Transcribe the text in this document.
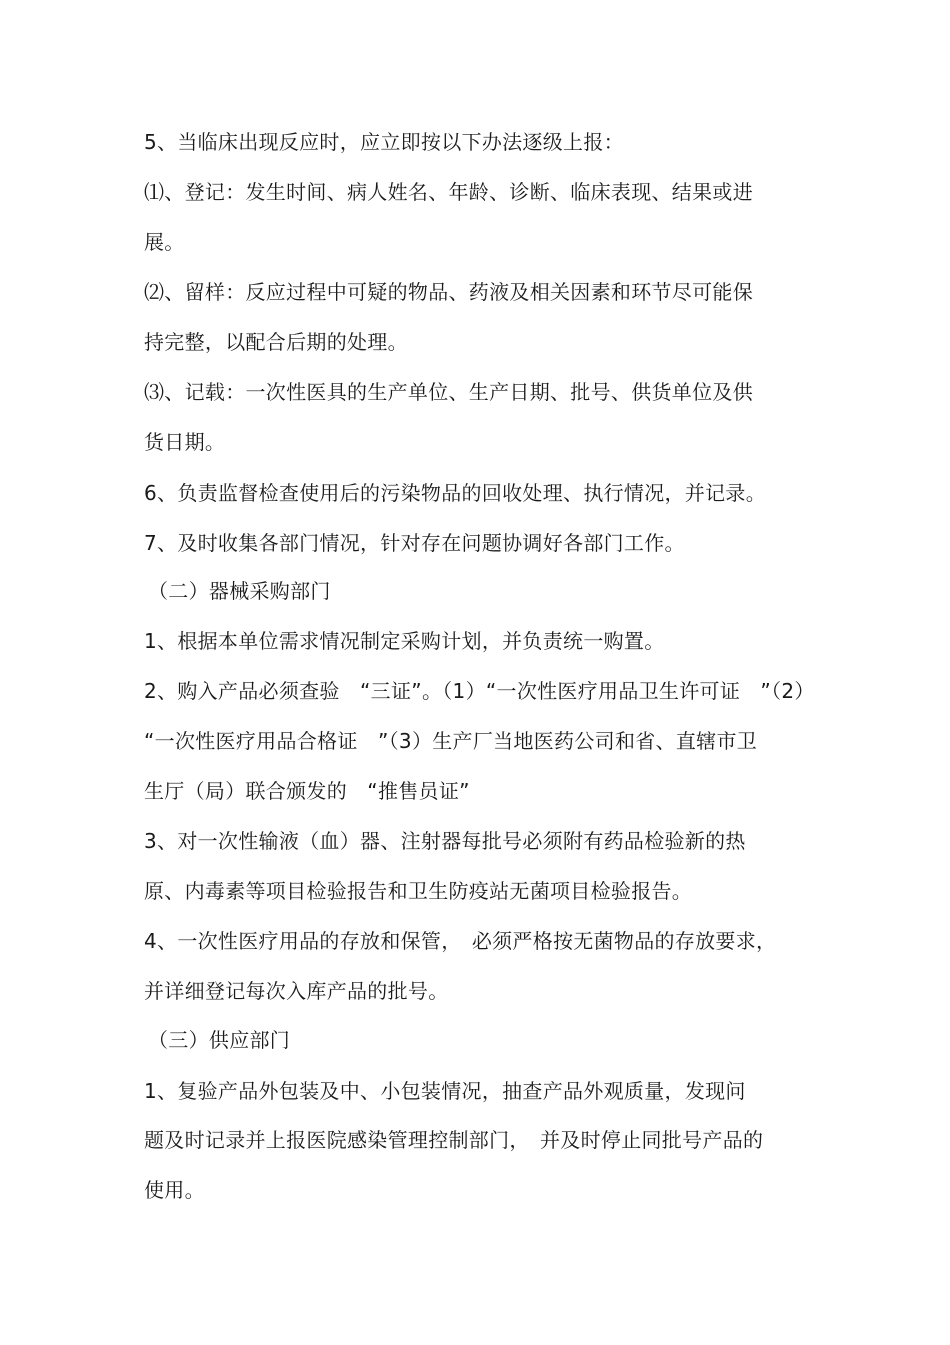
5、当临床出现反应时，应立即按以下办法逐级上报：
⑴、登记：发生时间、病人姓名、年龄、诊断、临床表现、结果或进
展。
⑵、留样：反应过程中可疑的物品、药液及相关因素和环节尽可能保
持完整，以配合后期的处理。
⑶、记载：一次性医具的生产单位、生产日期、批号、供货单位及供
货日期。
6、负责监督检查使用后的污染物品的回收处理、执行情况，并记录。
7、及时收集各部门情况，针对存在问题协调好各部门工作。
（二）器械采购部门
1、根据本单位需求情况制定采购计划，并负责统一购置。
2、购入产品必须查验　“三证”。（1）“一次性医疗用品卫生许可证　”（2）
“一次性医疗用品合格证　”（3）生产厂当地医药公司和省、直辖市卫
生厅（局）联合颁发的　“推售员证”
3、对一次性输液（血）器、注射器每批号必须附有药品检验新的热
原、内毒素等项目检验报告和卫生防疫站无菌项目检验报告。
4、一次性医疗用品的存放和保管，　必须严格按无菌物品的存放要求，
并详细登记每次入库产品的批号。
（三）供应部门
1、复验产品外包装及中、小包装情况，抽查产品外观质量，发现问
题及时记录并上报医院感染管理控制部门，　并及时停止同批号产品的
使用。
